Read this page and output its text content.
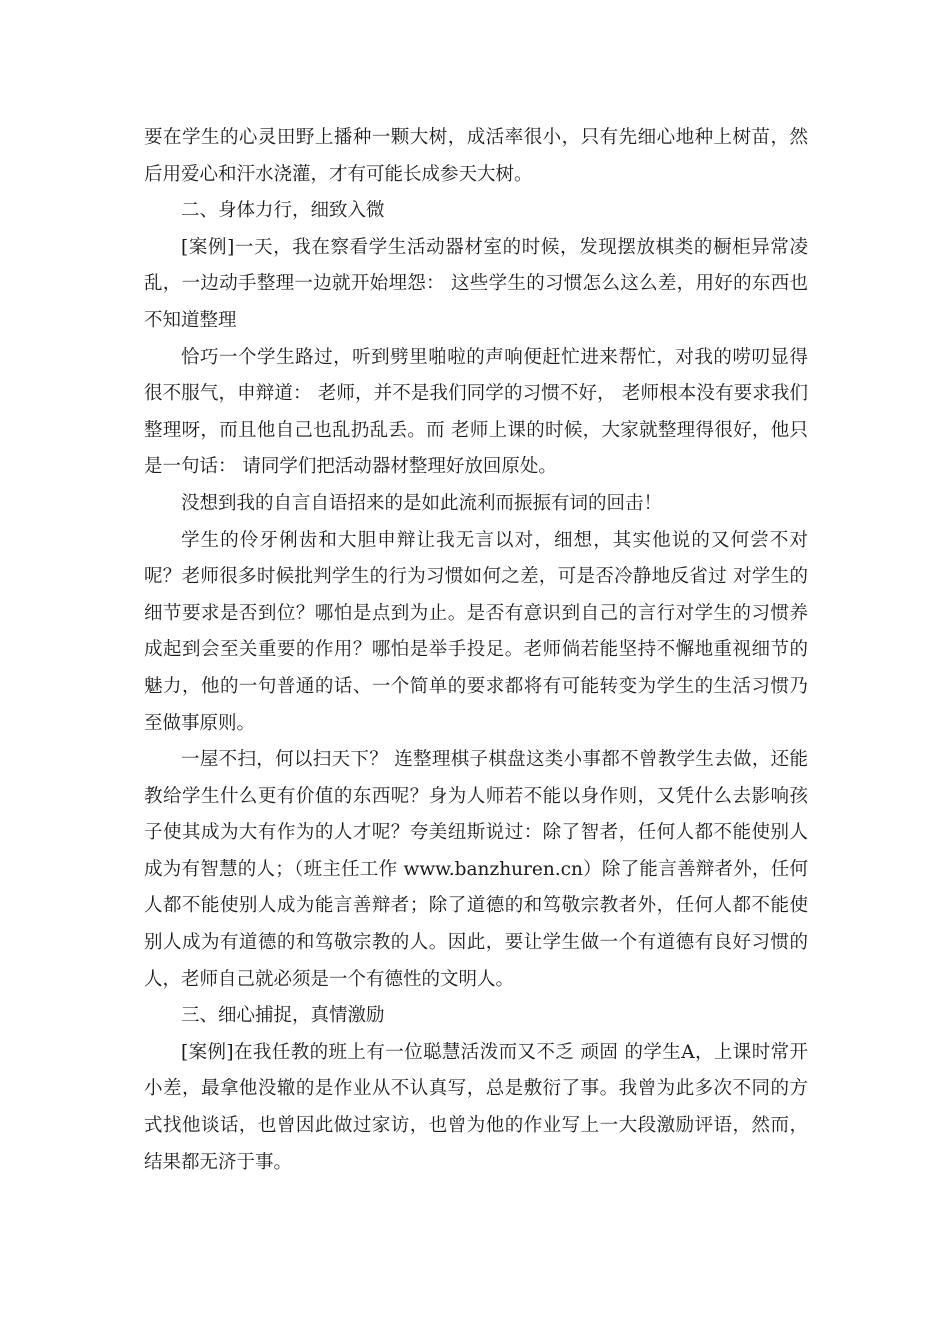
要在学生的心灵田野上播种一颗大树，成活率很小，只有先细心地种上树苗，然后用爱心和汗水浇灌，才有可能长成参天大树。

二、身体力行，细致入微

[案例]一天，我在察看学生活动器材室的时候，发现摆放棋类的橱柜异常凌乱，一边动手整理一边就开始埋怨： 这些学生的习惯怎么这么差，用好的东西也不知道整理

恰巧一个学生路过，听到劈里啪啦的声响便赶忙进来帮忙，对我的唠叨显得很不服气，申辩道： 老师，并不是我们同学的习惯不好， 老师根本没有要求我们整理呀，而且他自己也乱扔乱丢。而 老师上课的时候，大家就整理得很好，他只是一句话： 请同学们把活动器材整理好放回原处。

没想到我的自言自语招来的是如此流利而振振有词的回击！

学生的伶牙俐齿和大胆申辩让我无言以对，细想，其实他说的又何尝不对呢？老师很多时候批判学生的行为习惯如何之差，可是否冷静地反省过 对学生的细节要求是否到位？哪怕是点到为止。是否有意识到自己的言行对学生的习惯养成起到会至关重要的作用？哪怕是举手投足。老师倘若能坚持不懈地重视细节的魅力，他的一句普通的话、一个简单的要求都将有可能转变为学生的生活习惯乃至做事原则。

一屋不扫，何以扫天下？ 连整理棋子棋盘这类小事都不曾教学生去做，还能教给学生什么更有价值的东西呢？身为人师若不能以身作则，又凭什么去影响孩子使其成为大有作为的人才呢？夸美纽斯说过：除了智者，任何人都不能使别人成为有智慧的人；（班主任工作 www.banzhuren.cn）除了能言善辩者外，任何人都不能使别人成为能言善辩者；除了道德的和笃敬宗教者外，任何人都不能使别人成为有道德的和笃敬宗教的人。因此，要让学生做一个有道德有良好习惯的人，老师自己就必须是一个有德性的文明人。

三、细心捕捉，真情激励

[案例]在我任教的班上有一位聪慧活泼而又不乏 顽固 的学生A，上课时常开小差，最拿他没辙的是作业从不认真写，总是敷衍了事。我曾为此多次不同的方式找他谈话，也曾因此做过家访，也曾为他的作业写上一大段激励评语，然而，结果都无济于事。
